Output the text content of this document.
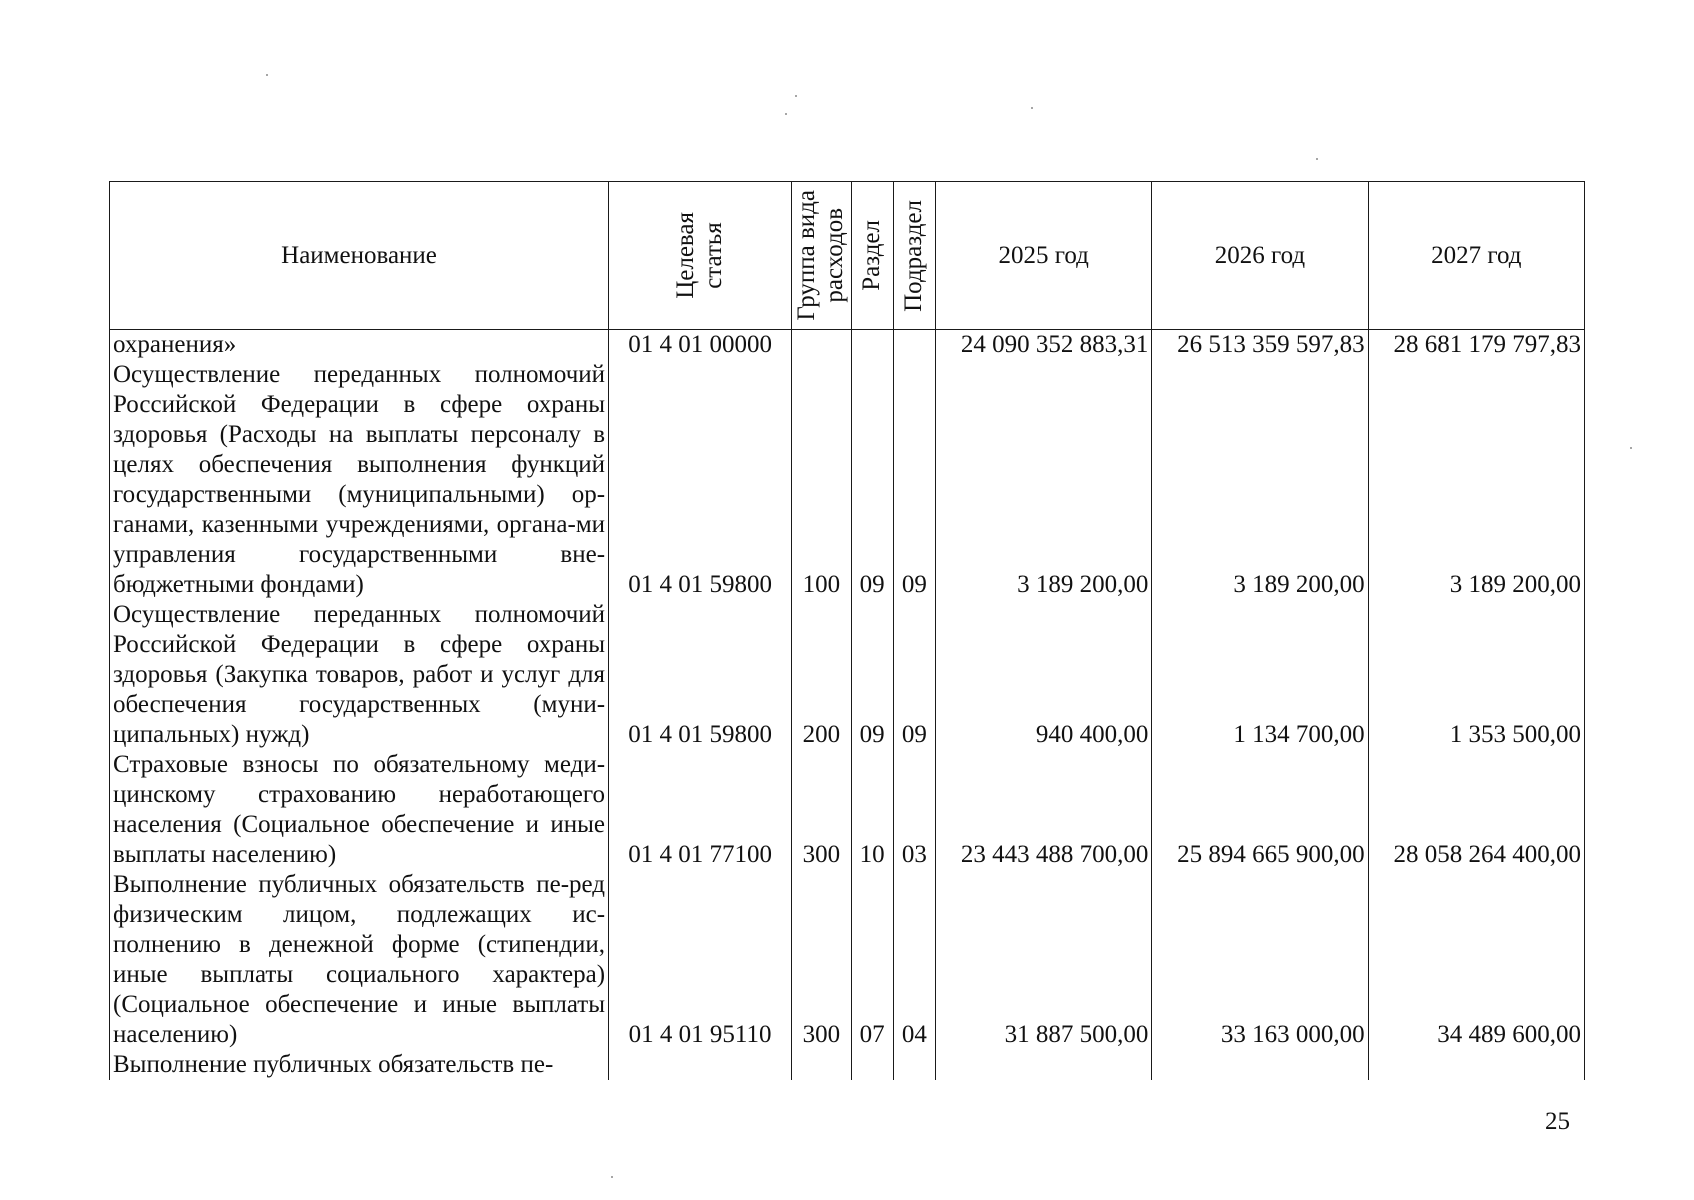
Наименование	Целевая статья	Группа вида расходов	Раздел	Подраздел	2025 год	2026 год	2027 год
охранения»	01 4 01 00000				24 090 352 883,31	26 513 359 597,83	28 681 179 797,83
Осуществление переданных полномочий Российской Федерации в сфере охраны здоровья (Расходы на выплаты персоналу в целях обеспечения выполнения функций государственными (муниципальными) ор-ганами, казенными учреждениями, органа-ми управления государственными вне-бюджетными фондами)	01 4 01 59800	100	09	09	3 189 200,00	3 189 200,00	3 189 200,00
Осуществление переданных полномочий Российской Федерации в сфере охраны здоровья (Закупка товаров, работ и услуг для обеспечения государственных (муни-ципальных) нужд)	01 4 01 59800	200	09	09	940 400,00	1 134 700,00	1 353 500,00
Страховые взносы по обязательному меди-цинскому страхованию неработающего населения (Социальное обеспечение и иные выплаты населению)	01 4 01 77100	300	10	03	23 443 488 700,00	25 894 665 900,00	28 058 264 400,00
Выполнение публичных обязательств пе-ред физическим лицом, подлежащих ис-полнению в денежной форме (стипендии, иные выплаты социального характера) (Социальное обеспечение и иные выплаты населению)	01 4 01 95110	300	07	04	31 887 500,00	33 163 000,00	34 489 600,00
Выполнение публичных обязательств пе-							
25
